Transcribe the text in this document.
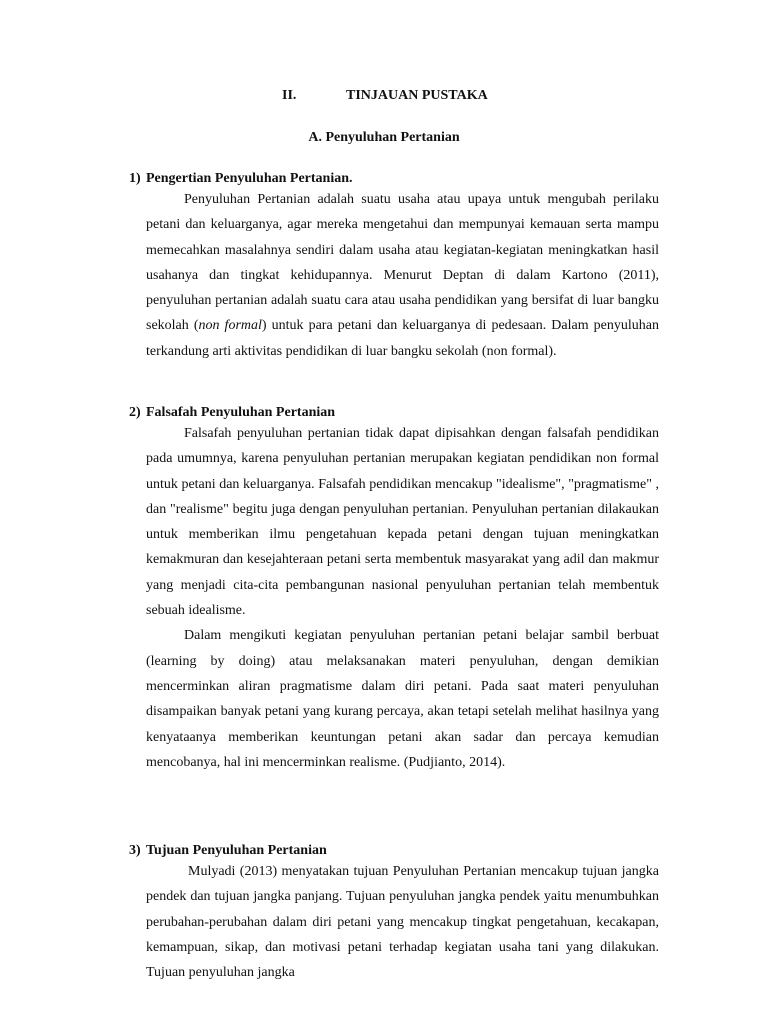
II.	TINJAUAN PUSTAKA
A. Penyuluhan Pertanian
1) Pengertian Penyuluhan Pertanian.

Penyuluhan Pertanian adalah suatu usaha atau upaya untuk mengubah perilaku petani dan keluarganya, agar mereka mengetahui dan mempunyai kemauan serta mampu memecahkan masalahnya sendiri dalam usaha atau kegiatan-kegiatan meningkatkan hasil usahanya dan tingkat kehidupannya. Menurut Deptan di dalam Kartono (2011), penyuluhan pertanian adalah suatu cara atau usaha pendidikan yang bersifat di luar bangku sekolah (non formal) untuk para petani dan keluarganya di pedesaan. Dalam penyuluhan terkandung arti aktivitas pendidikan di luar bangku sekolah (non formal).

2) Falsafah Penyuluhan Pertanian

Falsafah penyuluhan pertanian tidak dapat dipisahkan dengan falsafah pendidikan pada umumnya, karena penyuluhan pertanian merupakan kegiatan pendidikan non formal untuk petani dan keluarganya. Falsafah pendidikan mencakup "idealisme", "pragmatisme" , dan "realisme" begitu juga dengan penyuluhan pertanian. Penyuluhan pertanian dilakaukan untuk memberikan ilmu pengetahuan kepada petani dengan tujuan meningkatkan kemakmuran dan kesejahteraan petani serta membentuk masyarakat yang adil dan makmur yang menjadi cita-cita pembangunan nasional penyuluhan pertanian telah membentuk sebuah idealisme.

Dalam mengikuti kegiatan penyuluhan pertanian petani belajar sambil berbuat (learning by doing) atau melaksanakan materi penyuluhan, dengan demikian mencerminkan aliran pragmatisme dalam diri petani. Pada saat materi penyuluhan disampaikan banyak petani yang kurang percaya, akan tetapi setelah melihat hasilnya yang kenyataanya memberikan keuntungan petani akan sadar dan percaya kemudian mencobanya, hal ini mencerminkan realisme. (Pudjianto, 2014).

3) Tujuan Penyuluhan Pertanian

Mulyadi (2013) menyatakan tujuan Penyuluhan Pertanian mencakup tujuan jangka pendek dan tujuan jangka panjang. Tujuan penyuluhan jangka pendek yaitu menumbuhkan perubahan-perubahan dalam diri petani yang mencakup tingkat pengetahuan, kecakapan, kemampuan, sikap, dan motivasi petani terhadap kegiatan usaha tani yang dilakukan. Tujuan penyuluhan jangka
